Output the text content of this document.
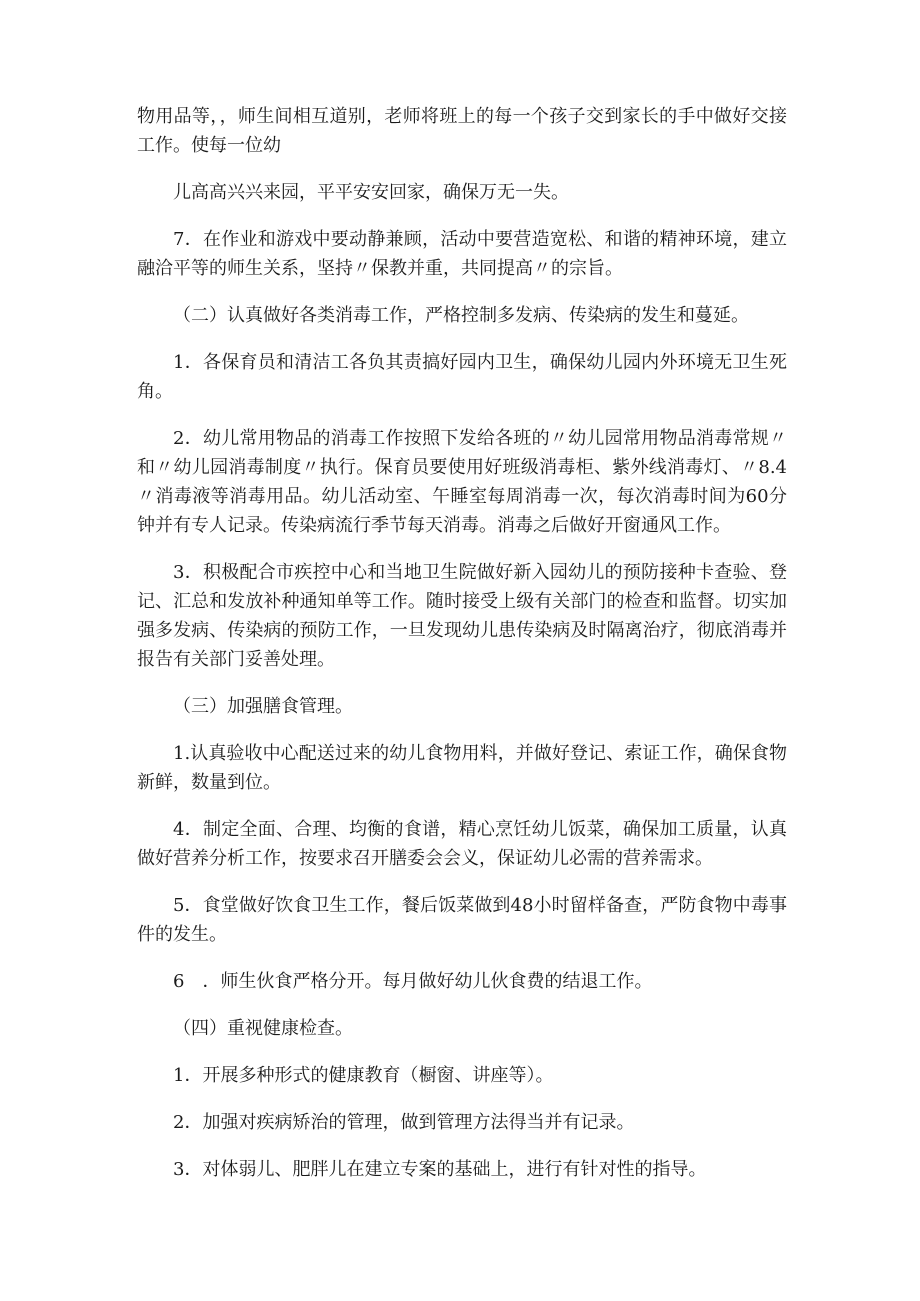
物用品等，，师生间相互道别，老师将班上的每一个孩子交到家长的手中做好交接工作。使每一位幼

儿高高兴兴来园，平平安安回家，确保万无一失。

7．在作业和游戏中要动静兼顾，活动中要营造宽松、和谐的精神环境，建立融洽平等的师生关系，坚持〃保教并重，共同提高〃的宗旨。

（二）认真做好各类消毒工作，严格控制多发病、传染病的发生和蔓延。

1．各保育员和清洁工各负其责搞好园内卫生，确保幼儿园内外环境无卫生死角。

2．幼儿常用物品的消毒工作按照下发给各班的〃幼儿园常用物品消毒常规〃和〃幼儿园消毒制度〃执行。保育员要使用好班级消毒柜、紫外线消毒灯、〃8.4〃消毒液等消毒用品。幼儿活动室、午睡室每周消毒一次，每次消毒时间为60分钟并有专人记录。传染病流行季节每天消毒。消毒之后做好开窗通风工作。

3．积极配合市疾控中心和当地卫生院做好新入园幼儿的预防接种卡查验、登记、汇总和发放补种通知单等工作。随时接受上级有关部门的检查和监督。切实加强多发病、传染病的预防工作，一旦发现幼儿患传染病及时隔离治疗，彻底消毒并报告有关部门妥善处理。

（三）加强膳食管理。

1.认真验收中心配送过来的幼儿食物用料，并做好登记、索证工作，确保食物新鲜，数量到位。

4．制定全面、合理、均衡的食谱，精心烹饪幼儿饭菜，确保加工质量，认真做好营养分析工作，按要求召开膳委会会义，保证幼儿必需的营养需求。

5．食堂做好饮食卫生工作，餐后饭菜做到48小时留样备查，严防食物中毒事件的发生。

6　．师生伙食严格分开。每月做好幼儿伙食费的结退工作。

（四）重视健康检查。

1．开展多种形式的健康教育（橱窗、讲座等）。

2．加强对疾病矫治的管理，做到管理方法得当并有记录。

3．对体弱儿、肥胖儿在建立专案的基础上，进行有针对性的指导。
